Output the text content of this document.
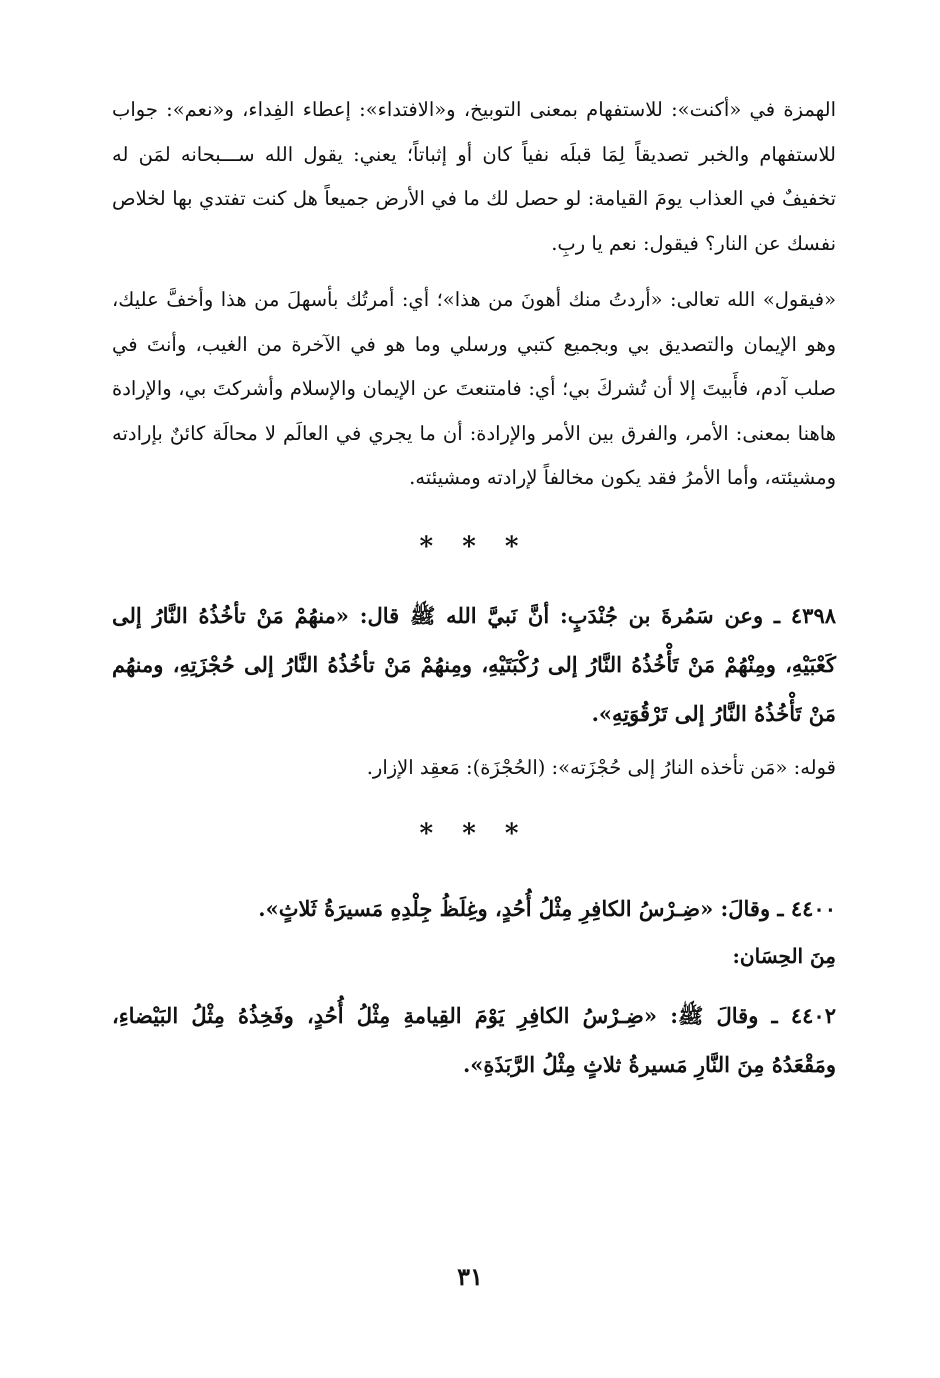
الهمزة في «أكنت»: للاستفهام بمعنى التوبيخ، و«الافتداء»: إعطاء الفِداء، و«نعم»: جواب للاستفهام والخبر تصديقاً لِمَا قبلَه نفياً كان أو إثباتاً؛ يعني: يقول الله ســـبحانه لمَن له تخفيفٌ في العذاب يومَ القيامة: لو حصل لك ما في الأرض جميعاً هل كنت تفتدي بها لخلاص نفسك عن النار؟ فيقول: نعم يا ربِ.

«فيقول» الله تعالى: «أردتُ منك أهونَ من هذا»؛ أي: أمرتُك بأسهلَ من هذا وأخفَّ عليك، وهو الإيمان والتصديق بي وبجميع كتبي ورسلي وما هو في الآخرة من الغيب، وأنتَ في صلب آدم، فأَبيتَ إلا أن تُشركَ بي؛ أي: فامتنعتَ عن الإيمان والإسلام وأشركتَ بي، والإرادة هاهنا بمعنى: الأمر، والفرق بين الأمر والإرادة: أن ما يجري في العالَم لا محالَة كائنٌ بإرادته ومشيئته، وأما الأمرُ فقد يكون مخالفاً لإرادته ومشيئته.

* * *

٤٣٩٨ ـ وعن سَمُرةَ بن جُنْدَبٍ: أنَّ نَبيَّ الله ﷺ قال: «منهُمْ مَنْ تأخُذُهُ النَّارُ إلى كَعْبَيْهِ، ومِنْهُمْ مَنْ تَأْخُذُهُ النَّارُ إلى رُكْبَتَيْهِ، ومِنهُمْ مَنْ تأخُذُهُ النَّارُ إلى حُجْزَتِهِ، ومنهُم مَنْ تَأْخُذُهُ النَّارُ إلى تَرْقُوَتِهِ».

قوله: «مَن تأخذه النارُ إلى حُجْزَته»: (الحُجْزَة): مَعقِد الإزار.

* * *

٤٤٠٠ ـ وقالَ: «ضِـرْسُ الكافِرِ مِثْلُ أُحُدٍ، وغِلَظُ جِلْدِهِ مَسيرَةُ ثَلاثٍ».

مِنَ الحِسَان:

٤٤٠٢ ـ وقالَ ﷺ: «ضِـرْسُ الكافِرِ يَوْمَ القِيامةِ مِثْلُ أُحُدٍ، وفَخِذُهُ مِثْلُ البَيْضاءِ، ومَقْعَدُهُ مِنَ النَّارِ مَسيرةُ ثلاثٍ مِثْلُ الرَّبَذَةِ».

٣١
